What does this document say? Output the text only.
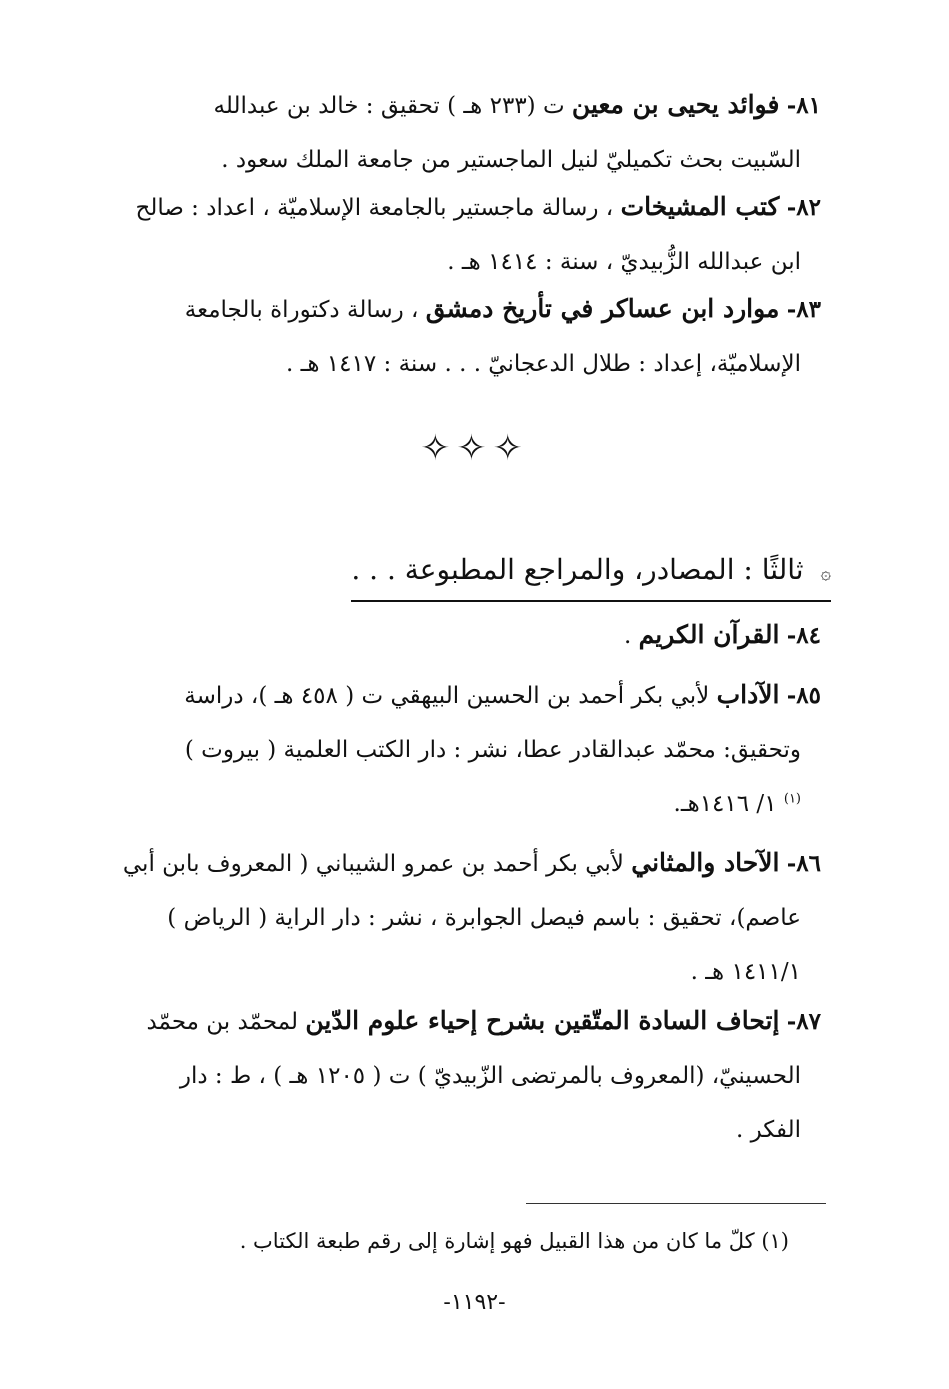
٨١- فوائد يحيى بن معين ت (٢٣٣ هـ ) تحقيق : خالد بن عبدالله

السّبيت بحث تكميليّ لنيل الماجستير من جامعة الملك سعود .

٨٢- كتب المشيخات ، رسالة ماجستير بالجامعة الإسلاميّة ، اعداد : صالح

ابن عبدالله الزُّبيديّ ، سنة : ١٤١٤ هـ .

٨٣- موارد ابن عساكر في تأريخ دمشق ، رسالة دكتوراة بالجامعة

الإسلاميّة، إعداد : طلال الدعجانيّ . . . سنة : ١٤١٧ هـ .

✧✧✧
۞ ثالثًا : المصادر، والمراجع المطبوعة . . .

٨٤- القرآن الكريم .

٨٥- الآداب لأبي بكر أحمد بن الحسين البيهقي ت ( ٤٥٨ هـ )، دراسة

وتحقيق: محمّد عبدالقادر عطا، نشر : دار الكتب العلمية ( بيروت )

$^{(١)}$ ١/ ١٤١٦هـ.

٨٦- الآحاد والمثاني لأبي بكر أحمد بن عمرو الشيباني ( المعروف بابن أبي

عاصم)، تحقيق : باسم فيصل الجوابرة ، نشر : دار الراية ( الرياض )

١٤١١/١ هـ .

٨٧- إتحاف السادة المتّقين بشرح إحياء علوم الدّين لمحمّد بن محمّد

الحسينيّ، (المعروف بالمرتضى الزّبيديّ ) ت ( ١٢٠٥ هـ ) ، ط : دار

الفكر .

(١) كلّ ما كان من هذا القبيل فهو إشارة إلى رقم طبعة الكتاب .
-١١٩٢-
